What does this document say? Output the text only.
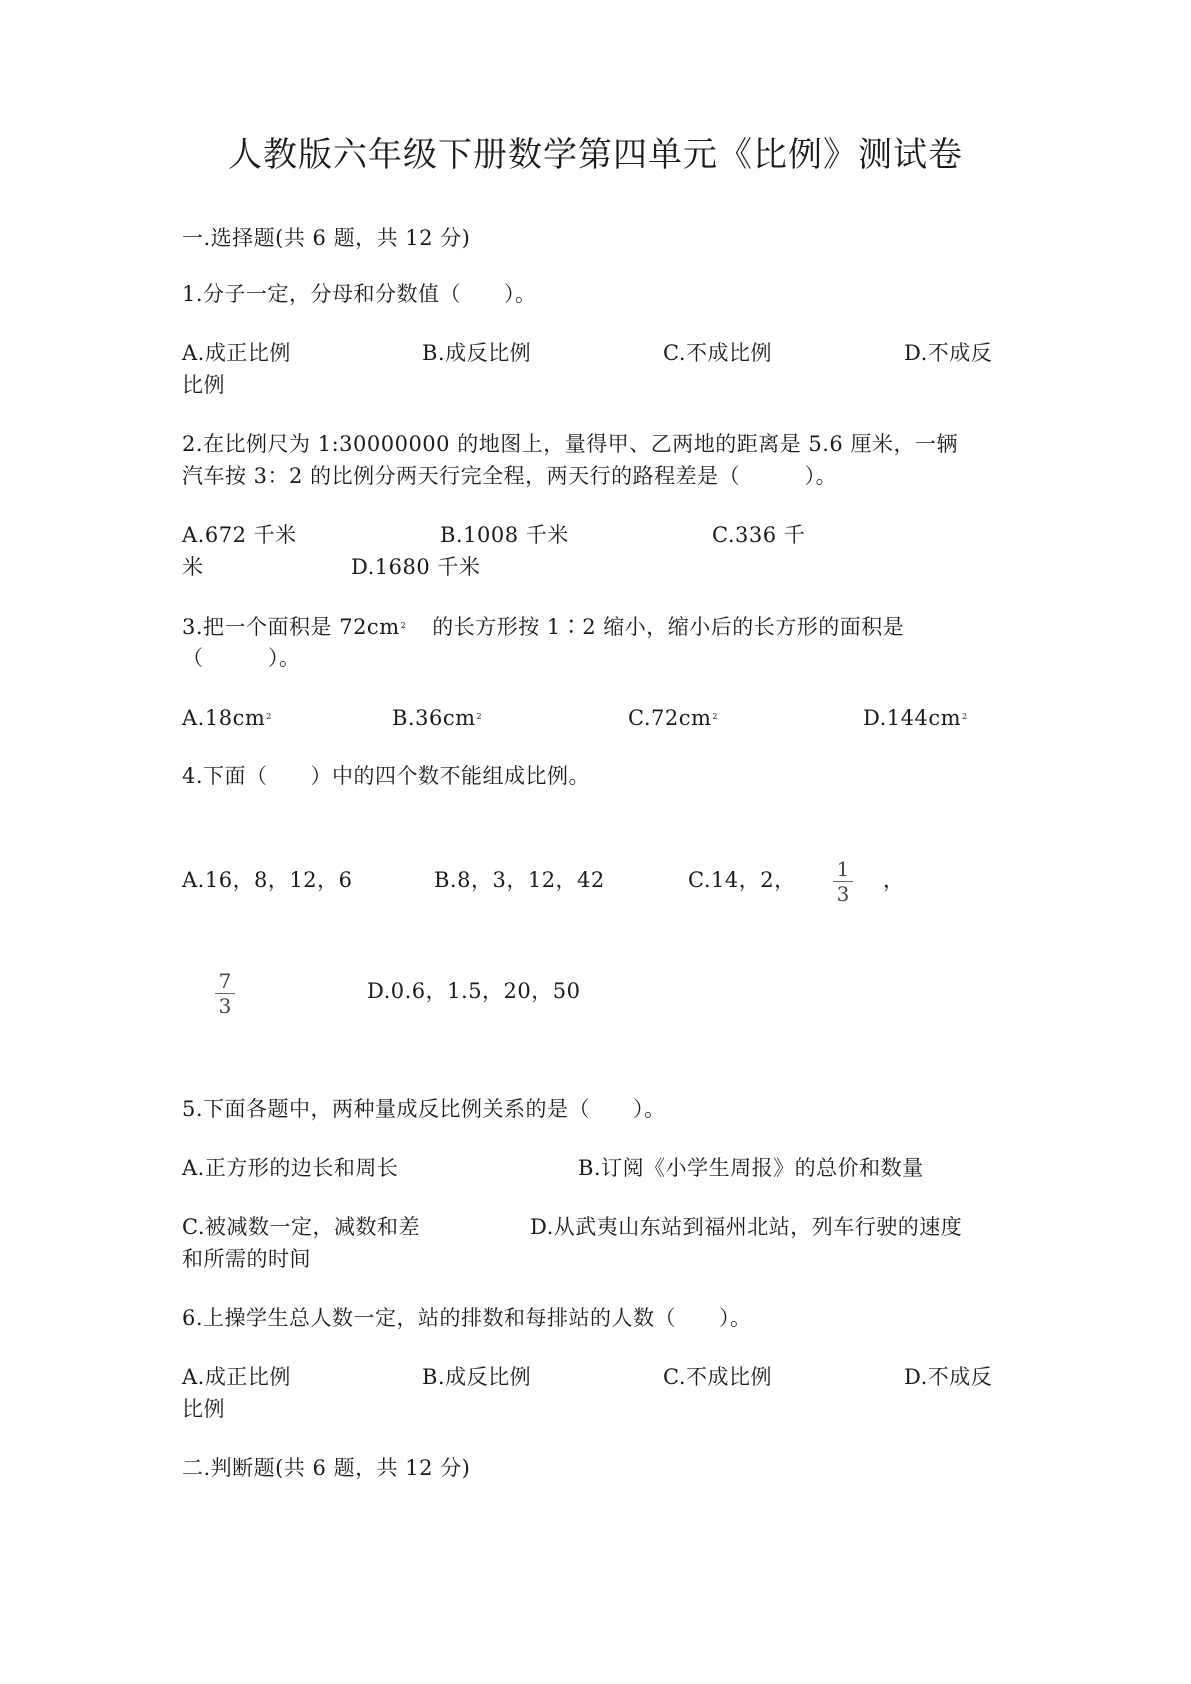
人教版六年级下册数学第四单元《比例》测试卷
一.选择题(共 6 题，共 12 分)
1.分子一定，分母和分数值（　　）。
A.成正比例	B.成反比例	C.不成比例	D.不成反
比例
2.在比例尺为 1:30000000 的地图上，量得甲、乙两地的距离是 5.6 厘米，一辆
汽车按 3：2 的比例分两天行完全程，两天行的路程差是（　　　）。
A.672 千米	B.1008 千米	C.336 千
米	D.1680 千米
3.把一个面积是 $72cm^2$ 的长方形按 1∶2 缩小，缩小后的长方形的面积是
（　　　）。
$A.18cm^2$	$B.36cm^2$	$C.72cm^2$	$D.144cm^2$
4.下面（　　）中的四个数不能组成比例。
A.16，8，12，6	B.8，3，12，42	C.14，2， 1
3
，
7
3
D.0.6，1.5，20，50
5.下面各题中，两种量成反比例关系的是（　　）。
A.正方形的边长和周长	B.订阅《小学生周报》的总价和数量
C.被减数一定，减数和差	D.从武夷山东站到福州北站，列车行驶的速度
和所需的时间
6.上操学生总人数一定，站的排数和每排站的人数（　　）。
A.成正比例	B.成反比例	C.不成比例	D.不成反
比例
二.判断题(共 6 题，共 12 分)
